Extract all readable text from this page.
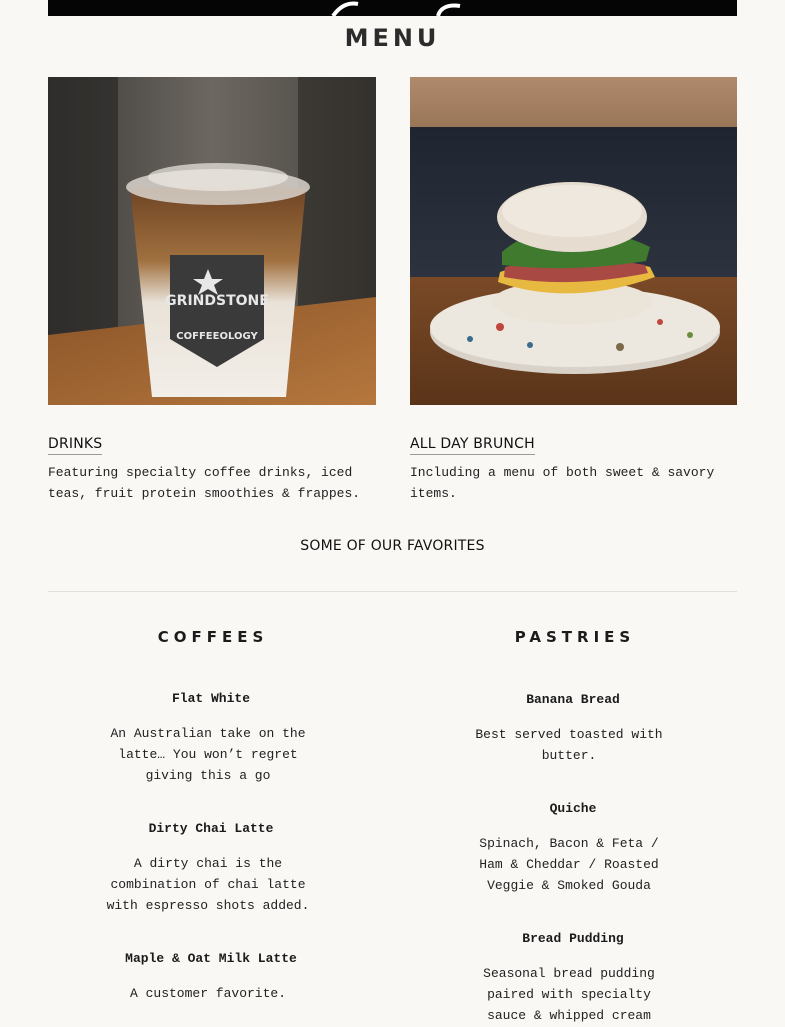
MENU
GRINDSTONE
COFFEEOLOGY
DRINKS
Featuring specialty coffee drinks, iced teas, fruit protein smoothies & frappes.
ALL DAY BRUNCH
Including a menu of both sweet & savory items.
SOME OF OUR FAVORITES
COFFEES
Flat White
An Australian take on the latte… You won’t regret giving this a go
Dirty Chai Latte
A dirty chai is the combination of chai latte with espresso shots added.
Maple & Oat Milk Latte
A customer favorite.
PASTRIES
Banana Bread
Best served toasted with butter.
Quiche
Spinach, Bacon & Feta / Ham & Cheddar / Roasted Veggie & Smoked Gouda
Bread Pudding
Seasonal bread pudding paired with specialty sauce & whipped cream
